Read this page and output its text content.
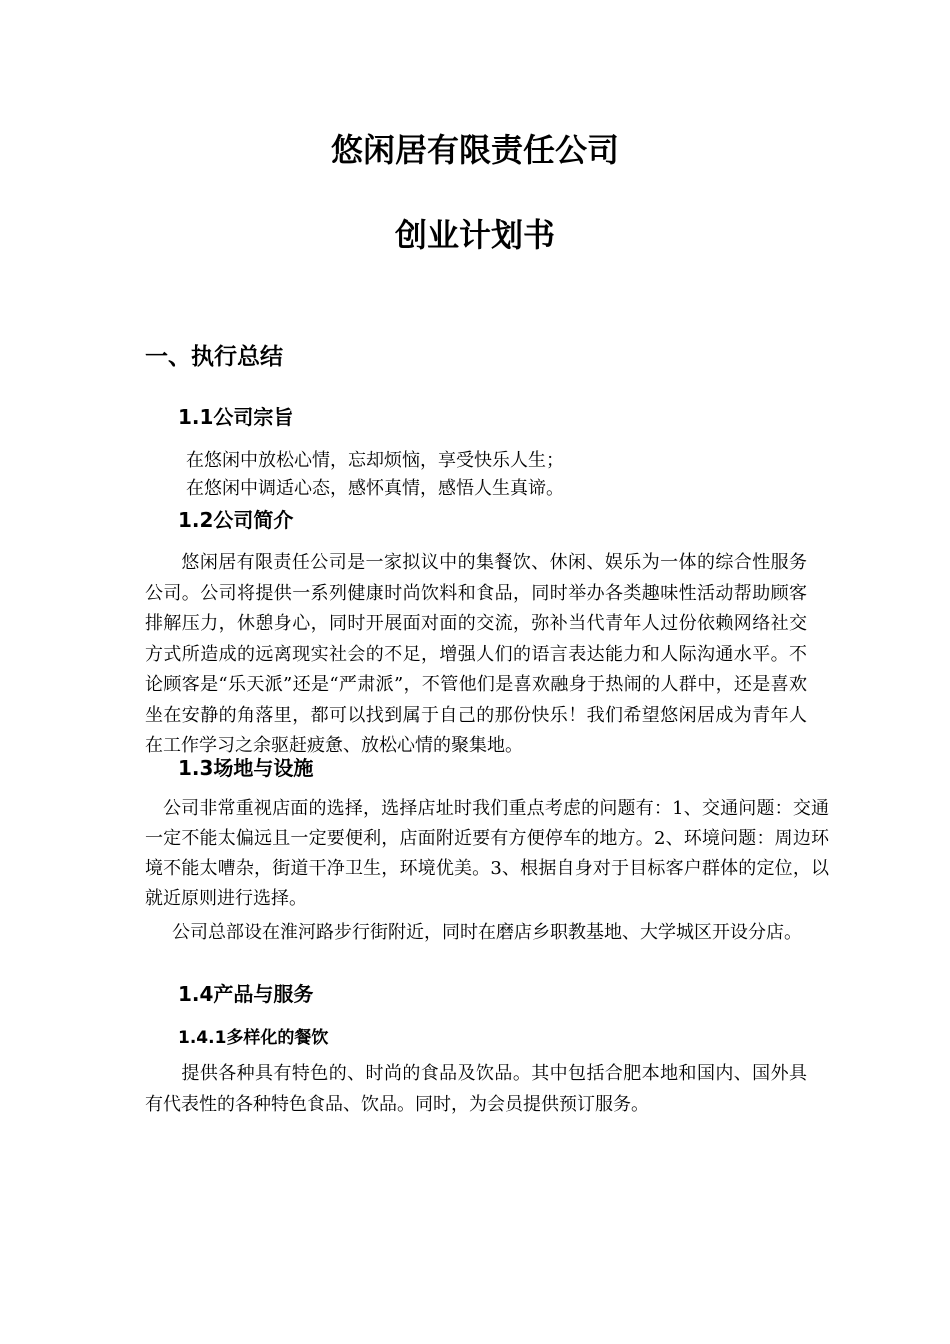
悠闲居有限责任公司
创业计划书
一、执行总结
1.1公司宗旨

在悠闲中放松心情，忘却烦恼，享受快乐人生；

在悠闲中调适心态，感怀真情，感悟人生真谛。

1.2公司简介

悠闲居有限责任公司是一家拟议中的集餐饮、休闲、娱乐为一体的综合性服务公司。公司将提供一系列健康时尚饮料和食品，同时举办各类趣味性活动帮助顾客排解压力，休憩身心，同时开展面对面的交流，弥补当代青年人过份依赖网络社交方式所造成的远离现实社会的不足，增强人们的语言表达能力和人际沟通水平。不论顾客是“乐天派”还是“严肃派”，不管他们是喜欢融身于热闹的人群中，还是喜欢坐在安静的角落里，都可以找到属于自己的那份快乐！我们希望悠闲居成为青年人在工作学习之余驱赶疲惫、放松心情的聚集地。

1.3场地与设施

公司非常重视店面的选择，选择店址时我们重点考虑的问题有：1、交通问题：交通一定不能太偏远且一定要便利，店面附近要有方便停车的地方。2、环境问题：周边环境不能太嘈杂，街道干净卫生，环境优美。3、根据自身对于目标客户群体的定位，以就近原则进行选择。

公司总部设在淮河路步行街附近，同时在磨店乡职教基地、大学城区开设分店。

1.4产品与服务
1.4.1多样化的餐饮

提供各种具有特色的、时尚的食品及饮品。其中包括合肥本地和国内、国外具有代表性的各种特色食品、饮品。同时，为会员提供预订服务。
